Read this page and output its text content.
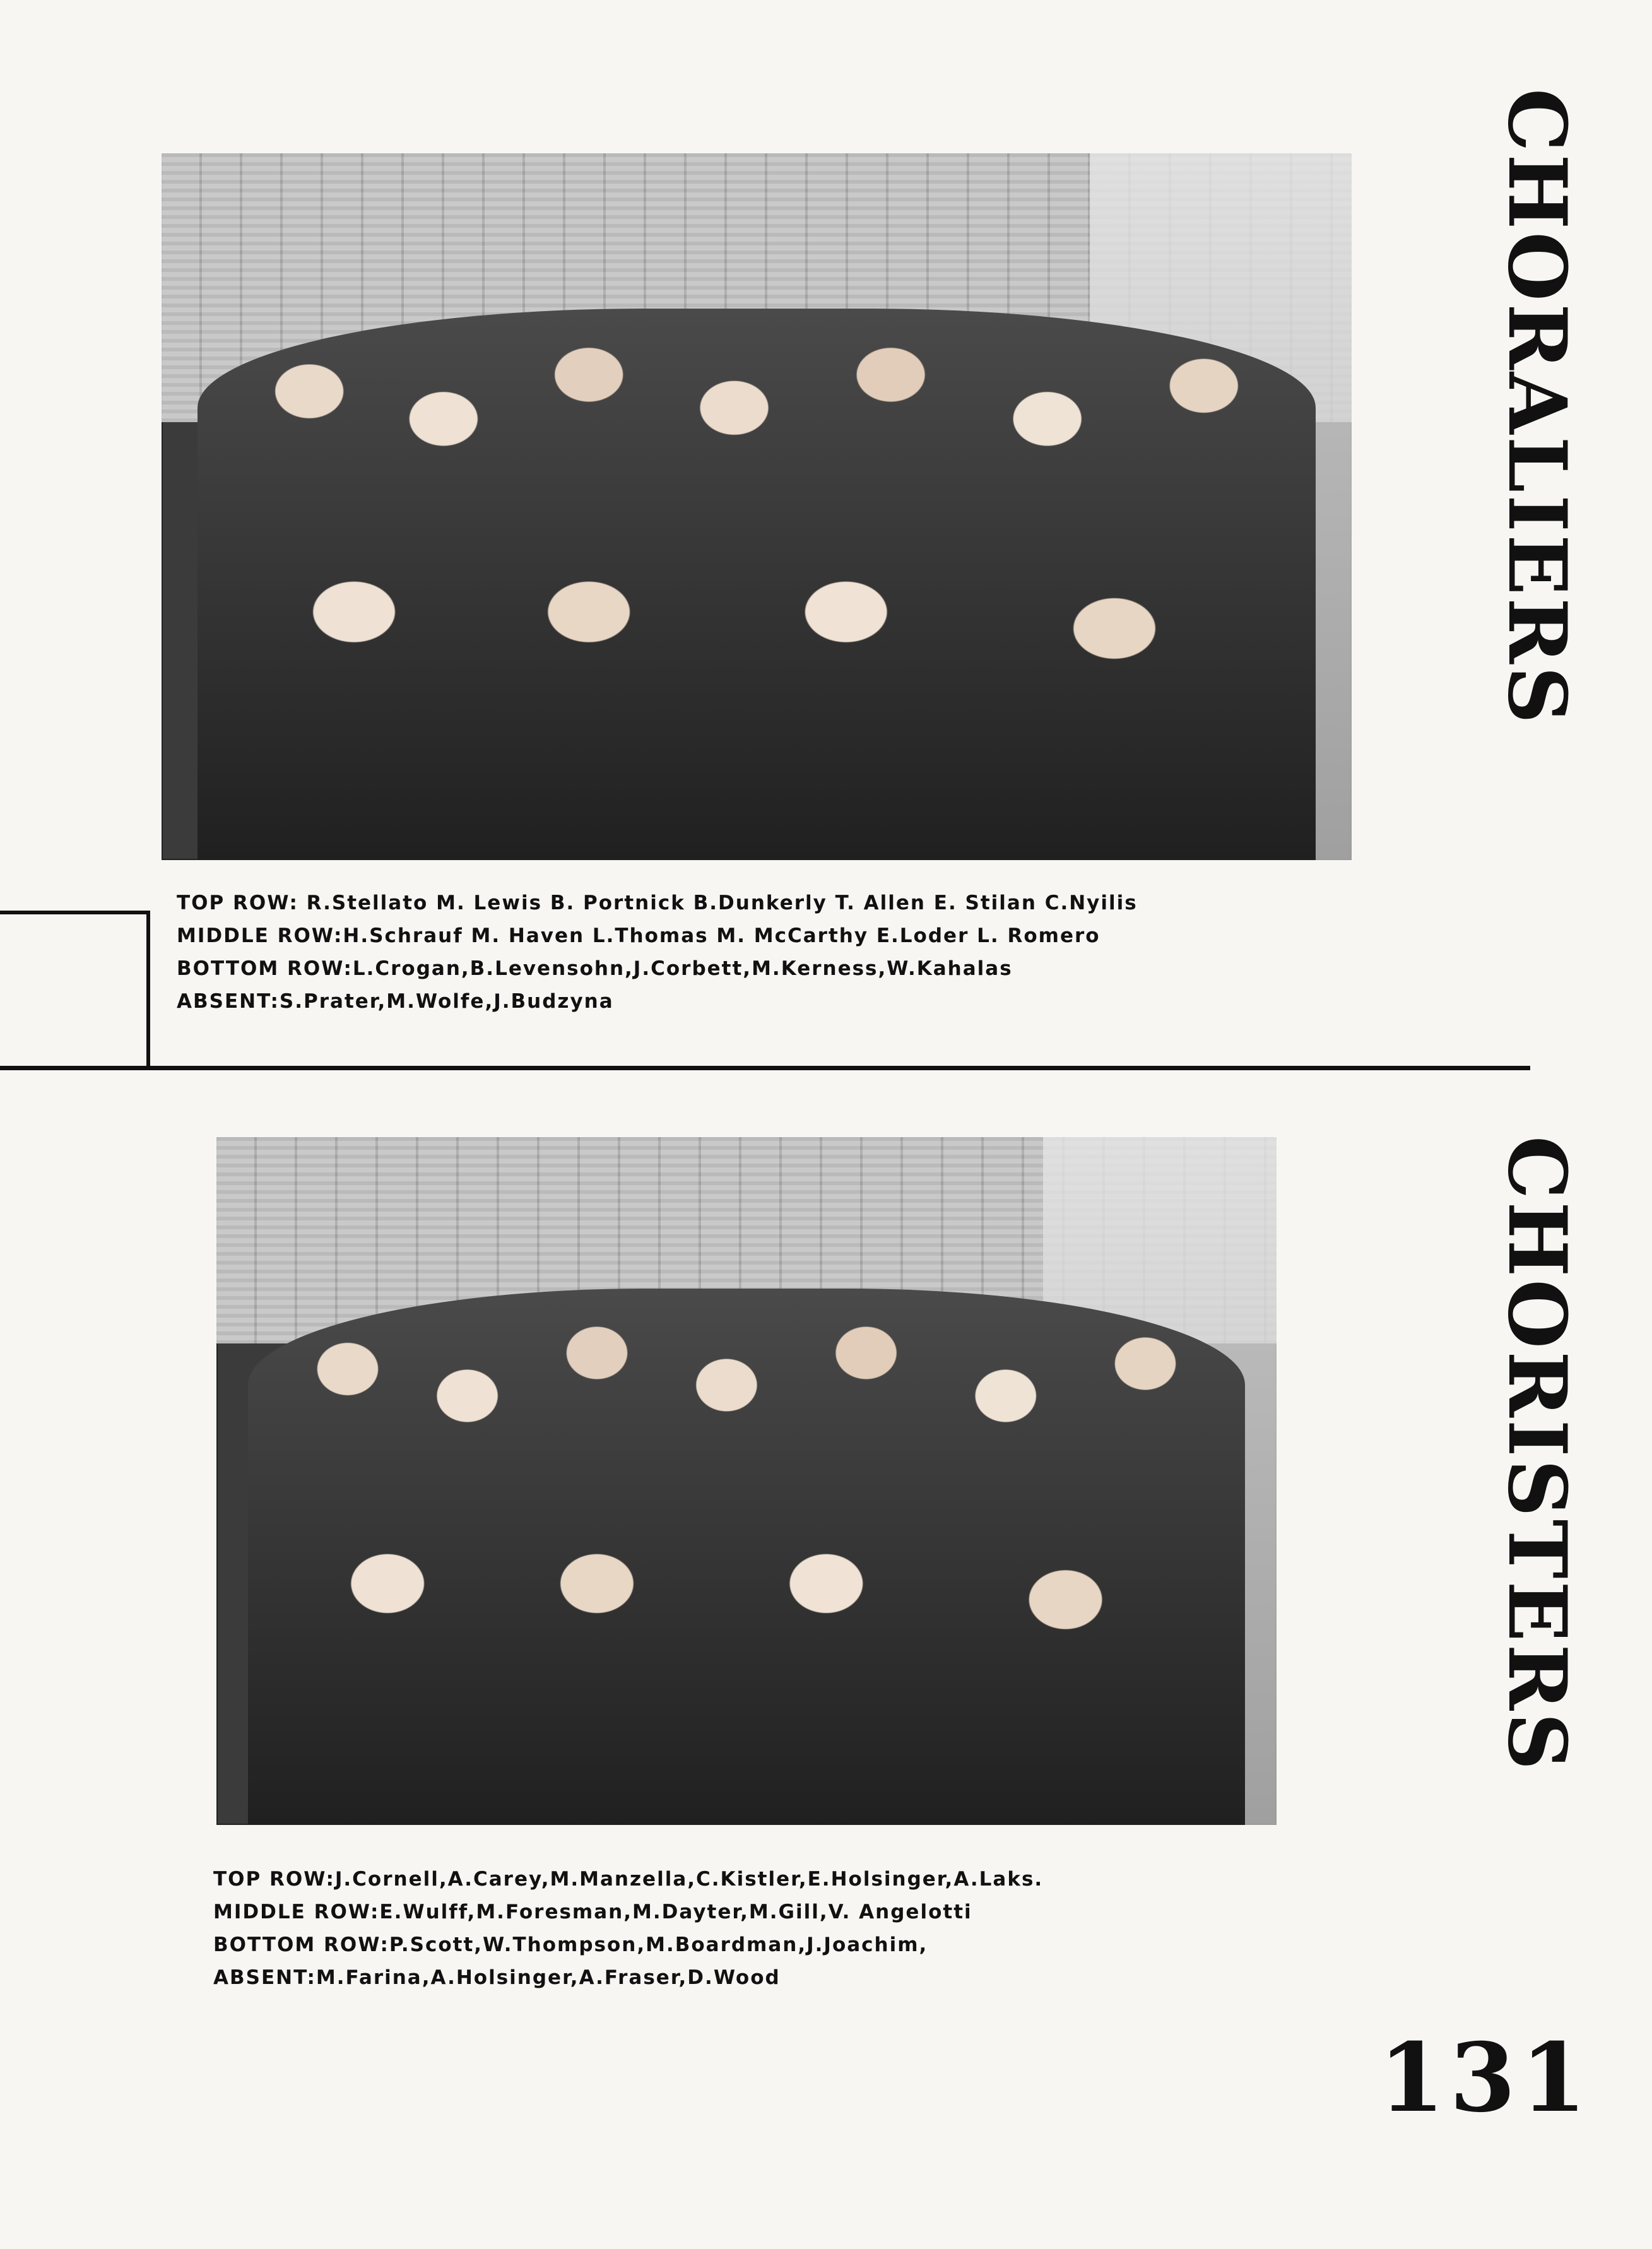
TOP ROW: R.Stellato M. Lewis B. Portnick B.Dunkerly T. Allen E. Stilan C.Nyilis
MIDDLE ROW:H.Schrauf M. Haven L.Thomas M. McCarthy E.Loder L. Romero
BOTTOM ROW:L.Crogan,B.Levensohn,J.Corbett,M.Kerness,W.Kahalas
ABSENT:S.Prater,M.Wolfe,J.Budzyna
CHORALIERS
TOP ROW:J.Cornell,A.Carey,M.Manzella,C.Kistler,E.Holsinger,A.Laks.
MIDDLE ROW:E.Wulff,M.Foresman,M.Dayter,M.Gill,V. Angelotti
BOTTOM ROW:P.Scott,W.Thompson,M.Boardman,J.Joachim,
ABSENT:M.Farina,A.Holsinger,A.Fraser,D.Wood
CHORISTERS
131
